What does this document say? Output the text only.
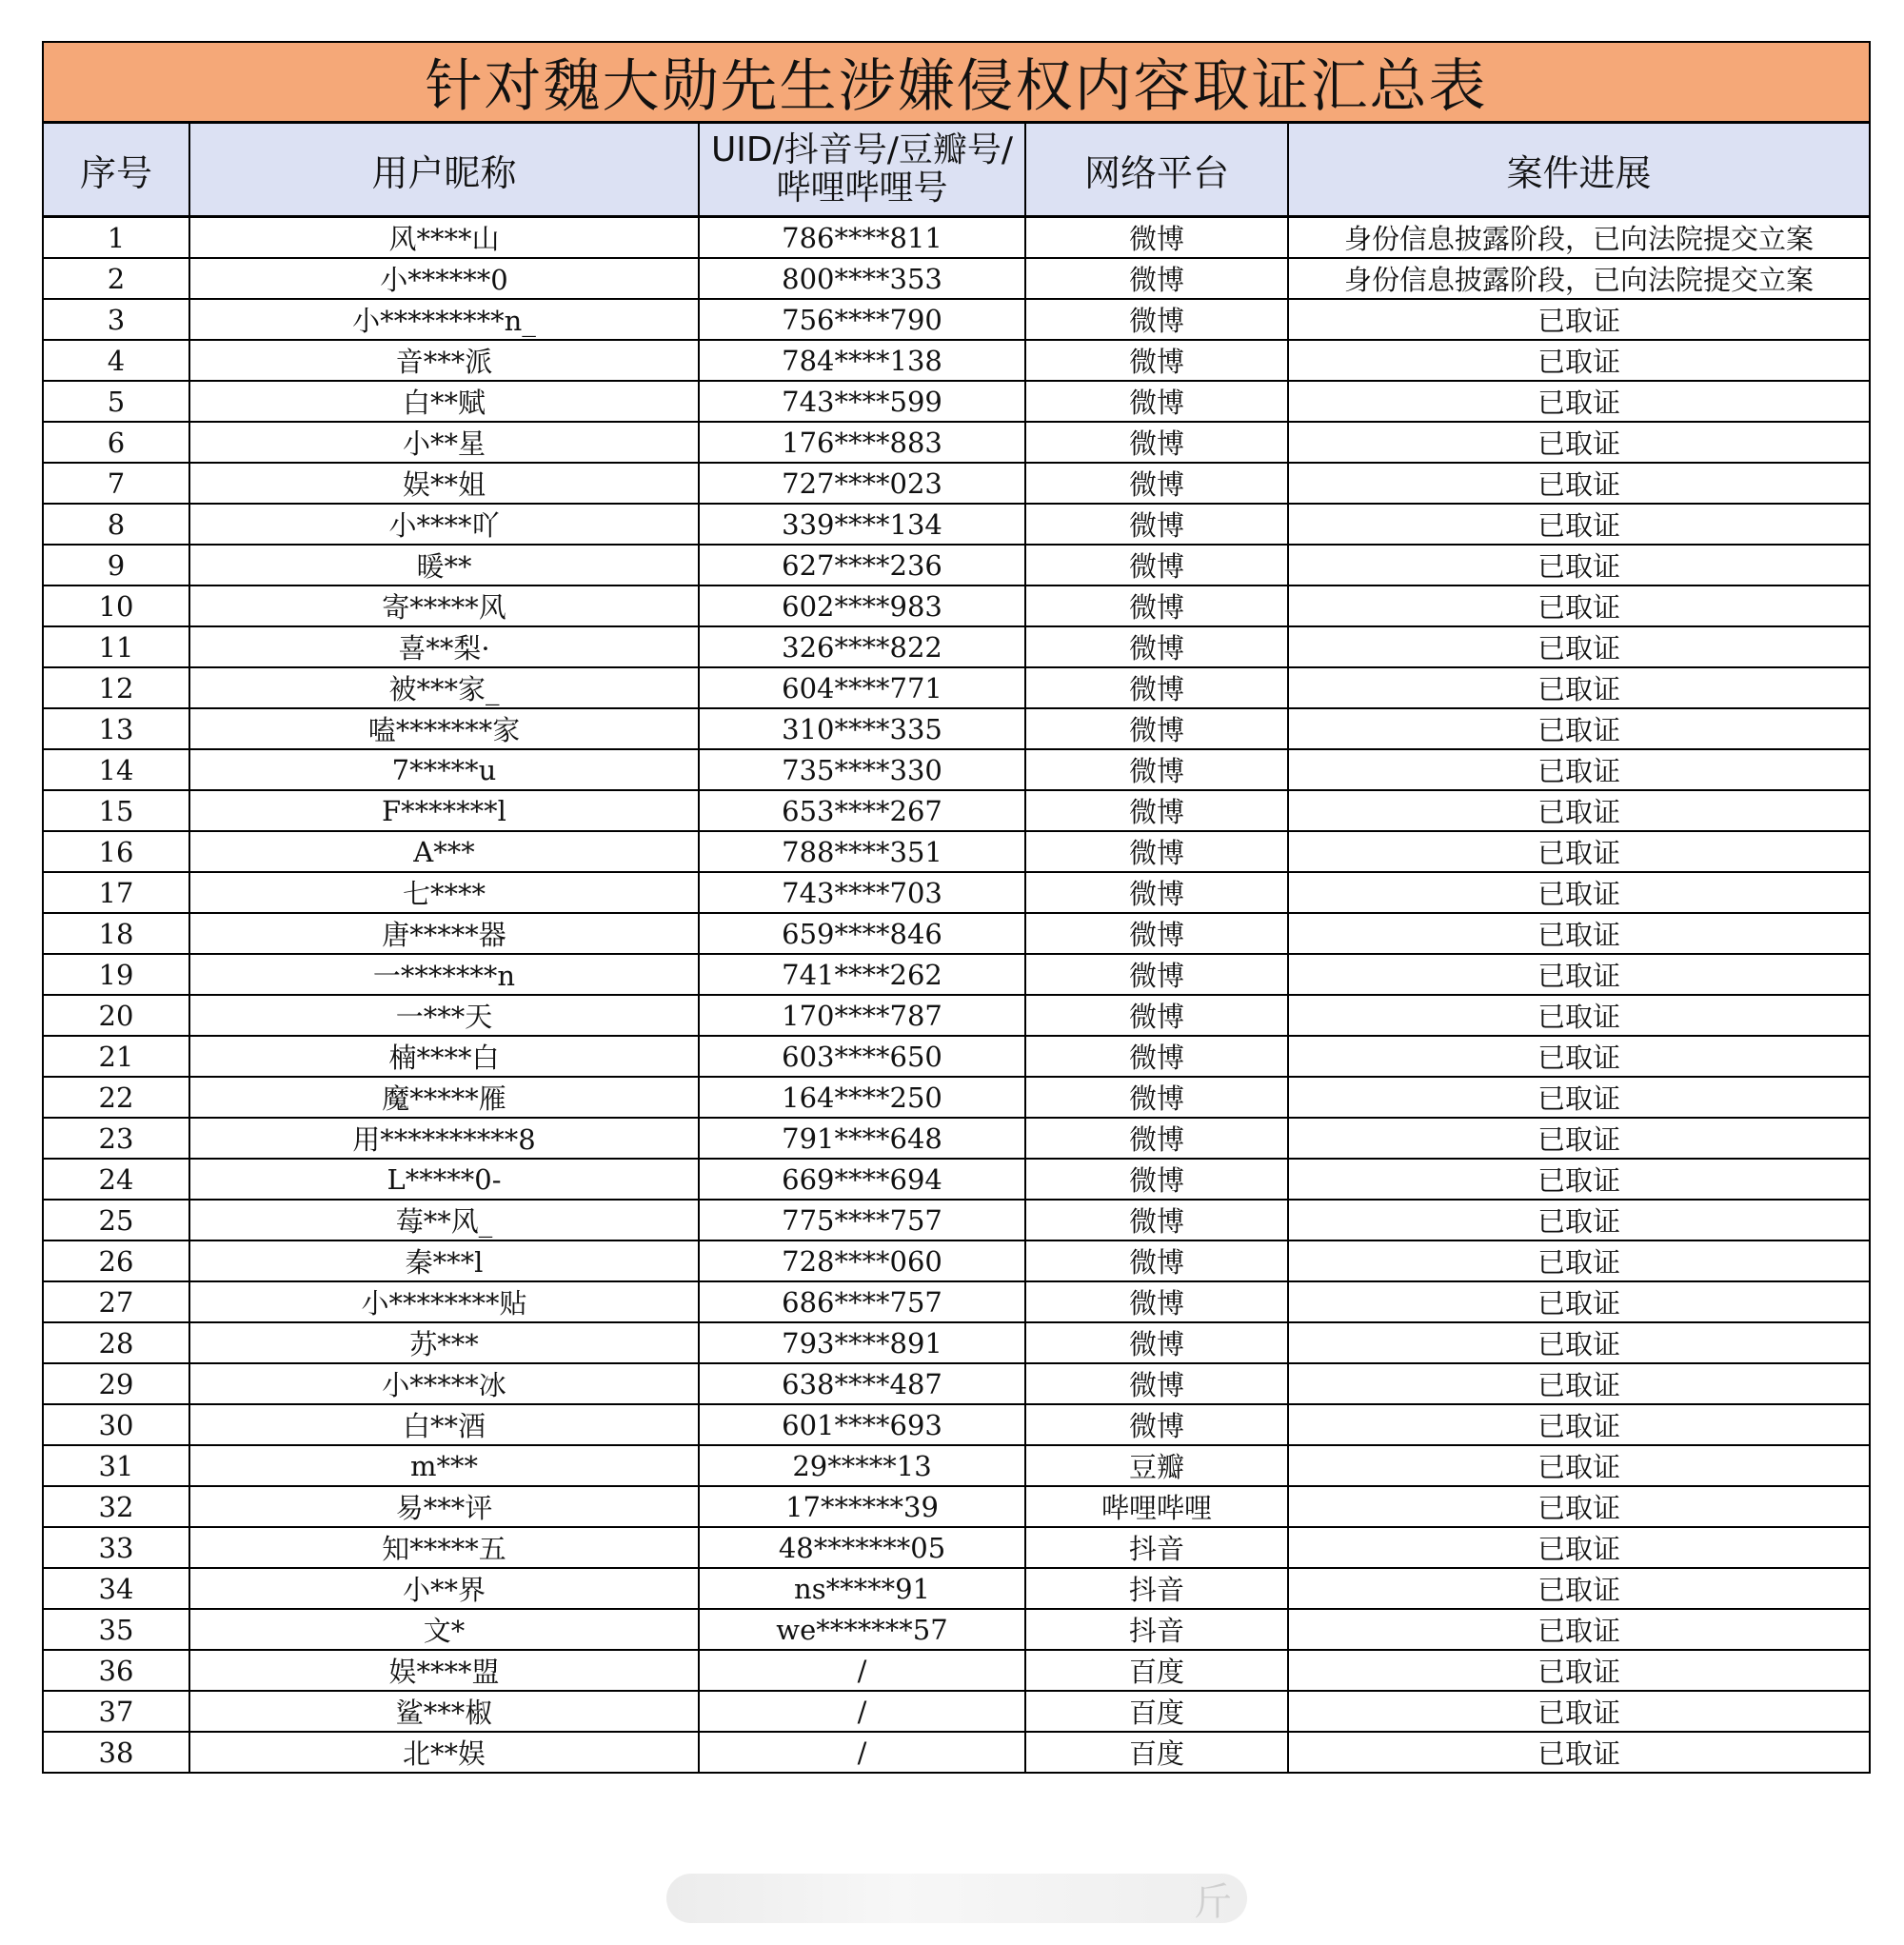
针对魏大勋先生涉嫌侵权内容取证汇总表
序号	用户昵称	UID/抖音号/豆瓣号/哔哩哔哩号	网络平台	案件进展
1	风****山	786****811	微博	身份信息披露阶段，已向法院提交立案
2	小******0	800****353	微博	身份信息披露阶段，已向法院提交立案
3	小*********n_	756****790	微博	已取证
4	音***派	784****138	微博	已取证
5	白**赋	743****599	微博	已取证
6	小**星	176****883	微博	已取证
7	娱**姐	727****023	微博	已取证
8	小****吖	339****134	微博	已取证
9	暖**	627****236	微博	已取证
10	寄*****风	602****983	微博	已取证
11	喜**梨·	326****822	微博	已取证
12	被***家_	604****771	微博	已取证
13	嗑*******家	310****335	微博	已取证
14	7*****u	735****330	微博	已取证
15	F*******l	653****267	微博	已取证
16	A***	788****351	微博	已取证
17	七****	743****703	微博	已取证
18	唐*****器	659****846	微博	已取证
19	一*******n	741****262	微博	已取证
20	一***天	170****787	微博	已取证
21	楠****白	603****650	微博	已取证
22	魔*****雁	164****250	微博	已取证
23	用**********8	791****648	微博	已取证
24	L*****0-	669****694	微博	已取证
25	莓**风_	775****757	微博	已取证
26	秦***l	728****060	微博	已取证
27	小********贴	686****757	微博	已取证
28	苏***	793****891	微博	已取证
29	小*****冰	638****487	微博	已取证
30	白**酒	601****693	微博	已取证
31	m***	29*****13	豆瓣	已取证
32	易***评	17******39	哔哩哔哩	已取证
33	知*****五	48*******05	抖音	已取证
34	小**界	ns*****91	抖音	已取证
35	文*	we*******57	抖音	已取证
36	娱****盟	/	百度	已取证
37	鲨***椒	/	百度	已取证
38	北**娱	/	百度	已取证
斤
